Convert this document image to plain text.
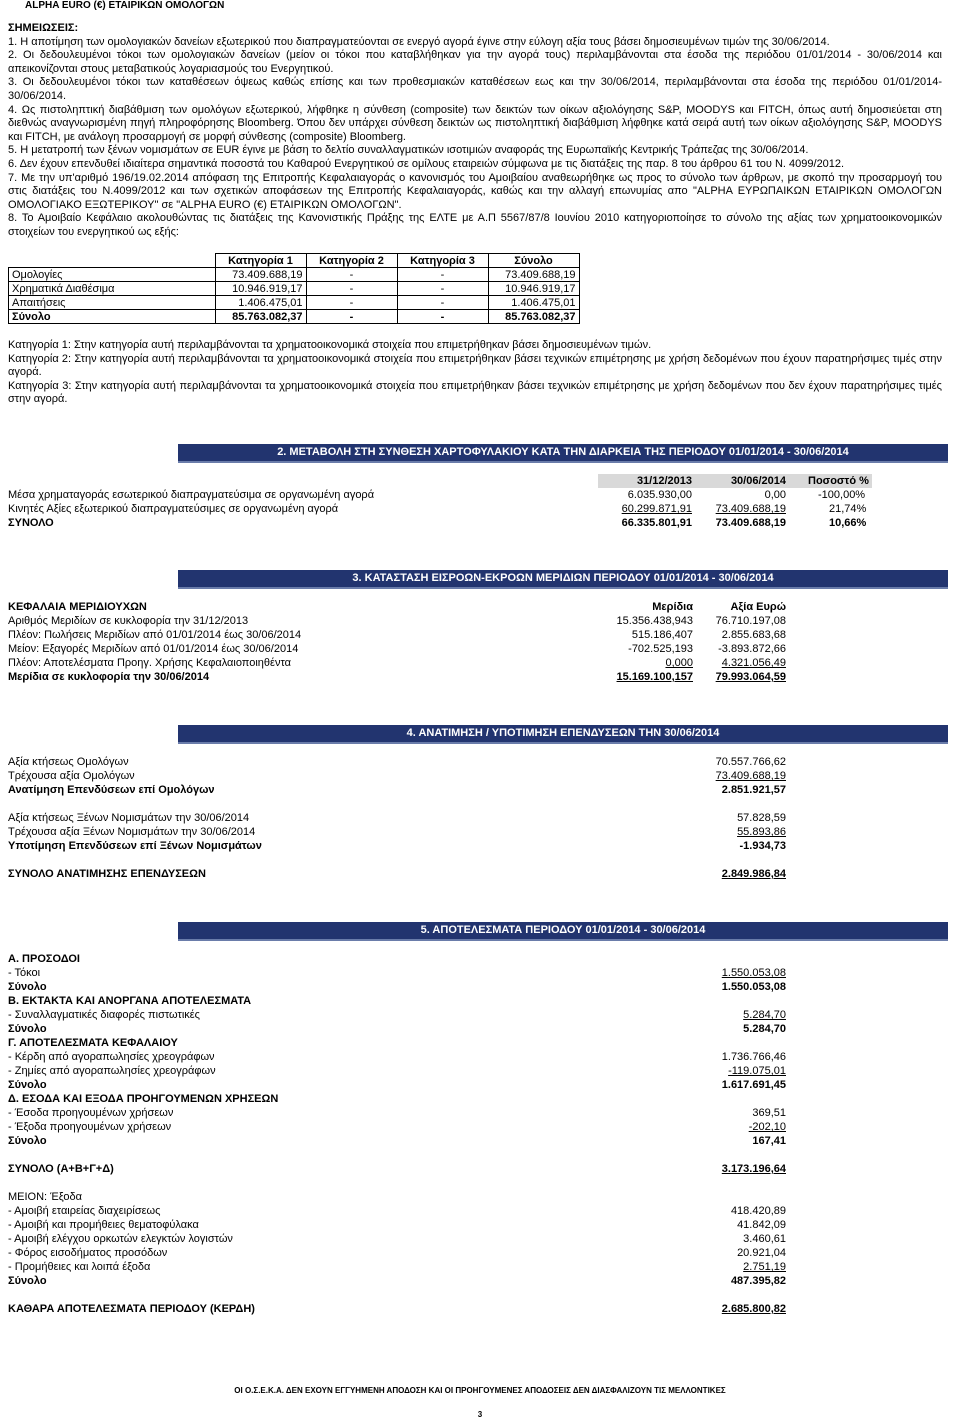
ALPHA EURO (€) ΕΤΑΙΡΙΚΩΝ ΟΜΟΛΟΓΩΝ

ΣΗΜΕΙΩΣΕΙΣ:

1. Η αποτίμηση των ομολογιακών δανείων εξωτερικού που διαπραγματεύονται σε ενεργό αγορά έγινε στην εύλογη αξία τους βάσει δημοσιευμένων τιμών της 30/06/2014.

2. Οι δεδουλευμένοι τόκοι των ομολογιακών δανείων (μείον οι τόκοι που καταβλήθηκαν για την αγορά τους) περιλαμβάνονται στα έσοδα της περιόδου 01/01/2014 - 30/06/2014 και απεικονίζονται στους μεταβατικούς λογαριασμούς του Ενεργητικού.

3. Οι δεδουλευμένοι τόκοι των καταθέσεων όψεως καθώς επίσης και των προθεσμιακών καταθέσεων εως και την 30/06/2014, περιλαμβάνονται στα έσοδα της περιόδου 01/01/2014-30/06/2014.

4. Ως πιστοληπτική διαβάθμιση των ομολόγων εξωτερικού, λήφθηκε η σύνθεση (composite) των δεικτών των οίκων αξιολόγησης S&P, MOODYS και FITCH, όπως αυτή δημοσιεύεται στη διεθνώς αναγνωρισμένη πηγή πληροφόρησης Bloomberg. Όπου δεν υπάρχει σύνθεση δεικτών ως πιστοληπτική διαβάθμιση λήφθηκε κατά σειρά αυτή των οίκων αξιολόγησης S&P, MOODYS και FITCH, με ανάλογη προσαρμογή σε μορφή σύνθεσης (composite) Bloomberg.

5. Η μετατροπή των ξένων νομισμάτων σε EUR έγινε με βάση το δελτίο συναλλαγματικών ισοτιμιών αναφοράς της Ευρωπαϊκής Κεντρικής Τράπεζας της 30/06/2014.

6. Δεν έχουν επενδυθεί ιδιαίτερα σημαντικά ποσοστά του Καθαρού Ενεργητικού σε ομίλους εταιρειών σύμφωνα με τις διατάξεις της παρ. 8 του άρθρου 61 του Ν. 4099/2012.

7. Με την υπ'αριθμό 196/19.02.2014 απόφαση της Επιτροπής Κεφαλαιαγοράς ο κανονισμός του Αμοιβαίου αναθεωρήθηκε ως προς το σύνολο των άρθρων, με σκοπό την προσαρμογή του στις διατάξεις του Ν.4099/2012 και των σχετικών αποφάσεων της Επιτροπής Κεφαλαιαγοράς, καθώς και την αλλαγή επωνυμίας απο "ALPHA ΕΥΡΩΠΑΙΚΩΝ ΕΤΑΙΡΙΚΩΝ ΟΜΟΛΟΓΩΝ ΟΜΟΛΟΓΙΑΚΟ ΕΞΩΤΕΡΙΚΟΥ" σε "ALPHA EURO (€) ΕΤΑΙΡΙΚΩΝ ΟΜΟΛΟΓΩΝ".

8. Το Αμοιβαίο Κεφάλαιο ακολουθώντας τις διατάξεις της Κανονιστικής Πράξης της ΕΛΤΕ με Α.Π 5567/87/8 Ιουνίου 2010 κατηγοριοποίησε το σύνολο της αξίας των χρηματοοικονομικών στοιχείων του ενεργητικού ως εξής:

	Κατηγορία 1	Κατηγορία 2	Κατηγορία 3	Σύνολο
Ομολογίες	73.409.688,19	-	-	73.409.688,19
Χρηματικά Διαθέσιμα	10.946.919,17	-	-	10.946.919,17
Απαιτήσεις	1.406.475,01	-	-	1.406.475,01
Σύνολο	85.763.082,37	-	-	85.763.082,37

Κατηγορία 1: Στην κατηγορία αυτή περιλαμβάνονται τα χρηματοοικονομικά στοιχεία που επιμετρήθηκαν βάσει δημοσιευμένων τιμών.

Κατηγορία 2: Στην κατηγορία αυτή περιλαμβάνονται τα χρηματοοικονομικά στοιχεία που επιμετρήθηκαν βάσει τεχνικών επιμέτρησης με χρήση δεδομένων που έχουν παρατηρήσιμες τιμές στην αγορά.

Κατηγορία 3: Στην κατηγορία αυτή περιλαμβάνονται τα χρηματοοικονομικά στοιχεία που επιμετρήθηκαν βάσει τεχνικών επιμέτρησης με χρήση δεδομένων που δεν έχουν παρατηρήσιμες τιμές στην αγορά.

2. ΜΕΤΑΒΟΛΗ ΣΤΗ ΣΥΝΘΕΣΗ ΧΑΡΤΟΦΥΛΑΚΙΟΥ ΚΑΤΑ ΤΗΝ ΔΙΑΡΚΕΙΑ ΤΗΣ ΠΕΡΙΟΔΟΥ 01/01/2014 - 30/06/2014
31/12/2013	30/06/2014 Ποσοστό %
Μέσα χρηματαγοράς εσωτερικού διαπραγματεύσιμα σε οργανωμένη αγορά	6.035.930,00	0,00	-100,00%
Κινητές Αξίες εξωτερικού διαπραγματεύσιμες σε οργανωμένη αγορά	60.299.871,91 73.409.688,19	21,74%
ΣΥΝΟΛΟ	66.335.801,91 73.409.688,19	10,66%
3. ΚΑΤΑΣΤΑΣΗ ΕΙΣΡΟΩΝ-ΕΚΡΟΩΝ ΜΕΡΙΔΙΩΝ ΠΕΡΙΟΔΟΥ 01/01/2014 - 30/06/2014
ΚΕΦΑΛΑΙΑ ΜΕΡΙΔΙΟΥΧΩΝ	Μερίδια	Αξία Ευρώ
Αριθμός Μεριδίων σε κυκλοφορία την 31/12/2013	15.356.438,943 76.710.197,08
Πλέον: Πωλήσεις Μεριδίων από 01/01/2014 έως 30/06/2014	515.186,407	2.855.683,68
Μείον: Εξαγορές Μεριδίων από 01/01/2014 έως 30/06/2014	-702.525,193 -3.893.872,66
Πλέον: Αποτελέσματα Προηγ. Χρήσης Κεφαλαιοποιηθέντα	0,000	4.321.056,49
Μερίδια σε κυκλοφορία την 30/06/2014	15.169.100,157 79.993.064,59
4. ΑΝΑΤΙΜΗΣΗ / ΥΠΟΤΙΜΗΣΗ ΕΠΕΝΔΥΣΕΩΝ ΤΗΝ 30/06/2014
Αξία κτήσεως Ομολόγων	70.557.766,62
Τρέχουσα αξία Ομολόγων	73.409.688,19
Ανατίμηση Επενδύσεων επί Ομολόγων	2.851.921,57
Αξία κτήσεως Ξένων Νομισμάτων την 30/06/2014	57.828,59
Τρέχουσα αξία Ξένων Νομισμάτων την 30/06/2014	55.893,86
Υποτίμηση Επενδύσεων επί Ξένων Νομισμάτων	-1.934,73
ΣΥΝΟΛΟ ΑΝΑΤΙΜΗΣΗΣ ΕΠΕΝΔΥΣΕΩΝ	2.849.986,84
5. ΑΠΟΤΕΛΕΣΜΑΤΑ ΠΕΡΙΟΔΟΥ 01/01/2014 - 30/06/2014
Α. ΠΡΟΣΟΔΟΙ
- Τόκοι	1.550.053,08
Σύνολο	1.550.053,08
Β. ΕΚΤΑΚΤΑ ΚΑΙ ΑΝΟΡΓΑΝΑ ΑΠΟΤΕΛΕΣΜΑΤΑ
- Συναλλαγματικές διαφορές πιστωτικές	5.284,70
Σύνολο	5.284,70
Γ. ΑΠΟΤΕΛΕΣΜΑΤΑ ΚΕΦΑΛΑΙΟΥ
- Κέρδη από αγοραπωλησίες χρεογράφων	1.736.766,46
- Ζημίες από αγοραπωλησίες χρεογράφων	-119.075,01
Σύνολο	1.617.691,45
Δ. ΕΣΟΔΑ ΚΑΙ ΕΞΟΔΑ ΠΡΟΗΓΟΥΜΕΝΩΝ ΧΡΗΣΕΩΝ
- Έσοδα προηγουμένων χρήσεων	369,51
- Έξοδα προηγουμένων χρήσεων	-202,10
Σύνολο	167,41
ΣΥΝΟΛΟ (Α+Β+Γ+Δ)	3.173.196,64
ΜΕΙΟΝ: Έξοδα
- Αμοιβή εταιρείας διαχειρίσεως	418.420,89
- Αμοιβή και προμήθειες θεματοφύλακα	41.842,09
- Αμοιβή ελέγχου ορκωτών ελεγκτών λογιστών	3.460,61
- Φόρος εισοδήματος προσόδων	20.921,04
- Προμήθειες και λοιπά έξοδα	2.751,19
Σύνολο	487.395,82
ΚΑΘΑΡΑ ΑΠΟΤΕΛΕΣΜΑΤΑ ΠΕΡΙΟΔΟΥ (ΚΕΡΔΗ)	2.685.800,82
ΟΙ Ο.Σ.Ε.Κ.Α. ΔΕΝ ΕΧΟΥΝ ΕΓΓΥΗΜΕΝΗ ΑΠΟΔΟΣΗ ΚΑΙ ΟΙ ΠΡΟΗΓΟΥΜΕΝΕΣ ΑΠΟΔΟΣΕΙΣ ΔΕΝ ΔΙΑΣΦΑΛΙΖΟΥΝ ΤΙΣ ΜΕΛΛΟΝΤΙΚΕΣ
3
